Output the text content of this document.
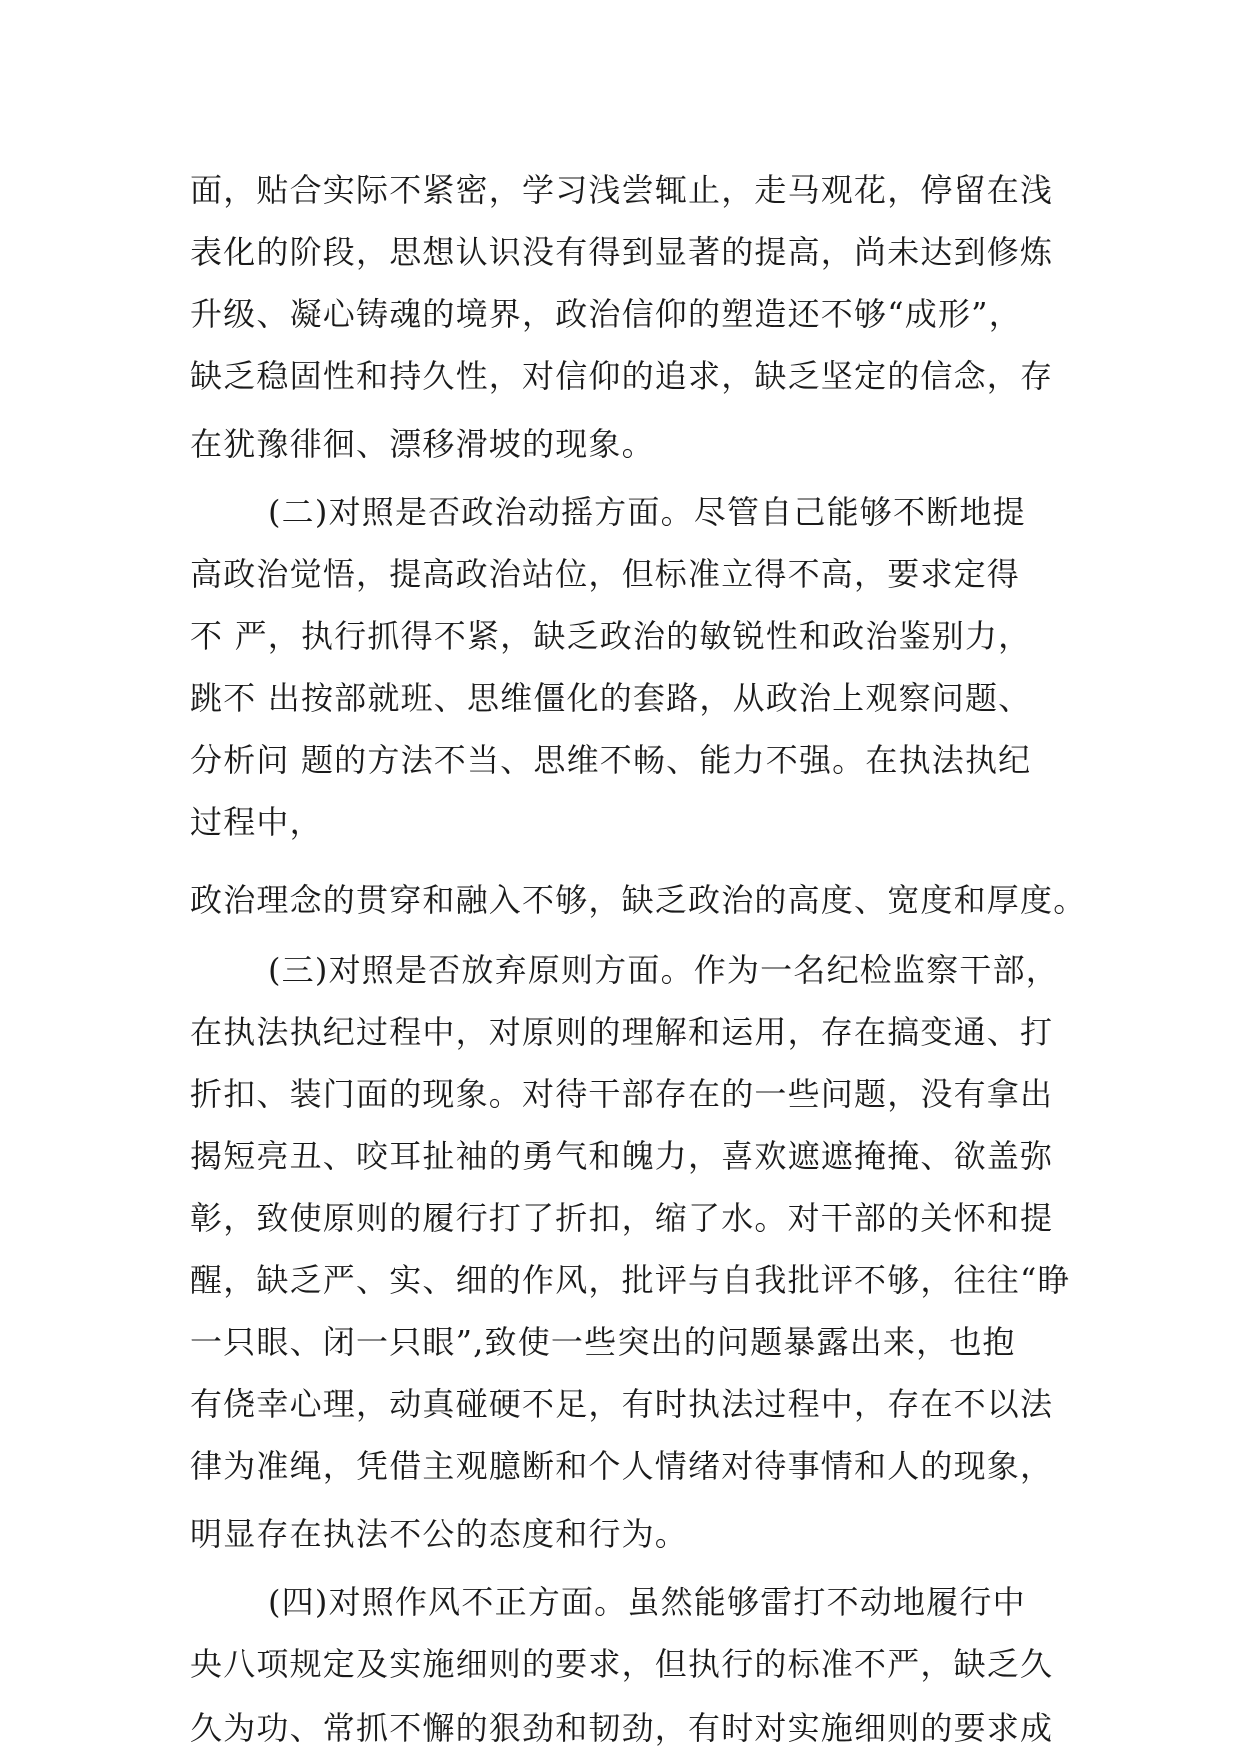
面，贴合实际不紧密，学习浅尝辄止，走马观花，停留在浅

表化的阶段，思想认识没有得到显著的提高，尚未达到修炼

升级、凝心铸魂的境界，政治信仰的塑造还不够“成形”，

缺乏稳固性和持久性，对信仰的追求，缺乏坚定的信念，存

在犹豫徘徊、漂移滑坡的现象。

(二)对照是否政治动摇方面。尽管自己能够不断地提

高政治觉悟，提高政治站位，但标准立得不高，要求定得

不 严，执行抓得不紧，缺乏政治的敏锐性和政治鉴别力，

跳不 出按部就班、思维僵化的套路，从政治上观察问题、

分析问 题的方法不当、思维不畅、能力不强。在执法执纪

过程中，

政治理念的贯穿和融入不够，缺乏政治的高度、宽度和厚度。

(三)对照是否放弃原则方面。作为一名纪检监察干部，

在执法执纪过程中，对原则的理解和运用，存在搞变通、打

折扣、装门面的现象。对待干部存在的一些问题，没有拿出

揭短亮丑、咬耳扯袖的勇气和魄力，喜欢遮遮掩掩、欲盖弥

彰，致使原则的履行打了折扣，缩了水。对干部的关怀和提

醒，缺乏严、实、细的作风，批评与自我批评不够，往往“睁

一只眼、闭一只眼”,致使一些突出的问题暴露出来，也抱

有侥幸心理，动真碰硬不足，有时执法过程中，存在不以法

律为准绳，凭借主观臆断和个人情绪对待事情和人的现象，

明显存在执法不公的态度和行为。

(四)对照作风不正方面。虽然能够雷打不动地履行中

央八项规定及实施细则的要求，但执行的标准不严，缺乏久

久为功、常抓不懈的狠劲和韧劲，有时对实施细则的要求成
